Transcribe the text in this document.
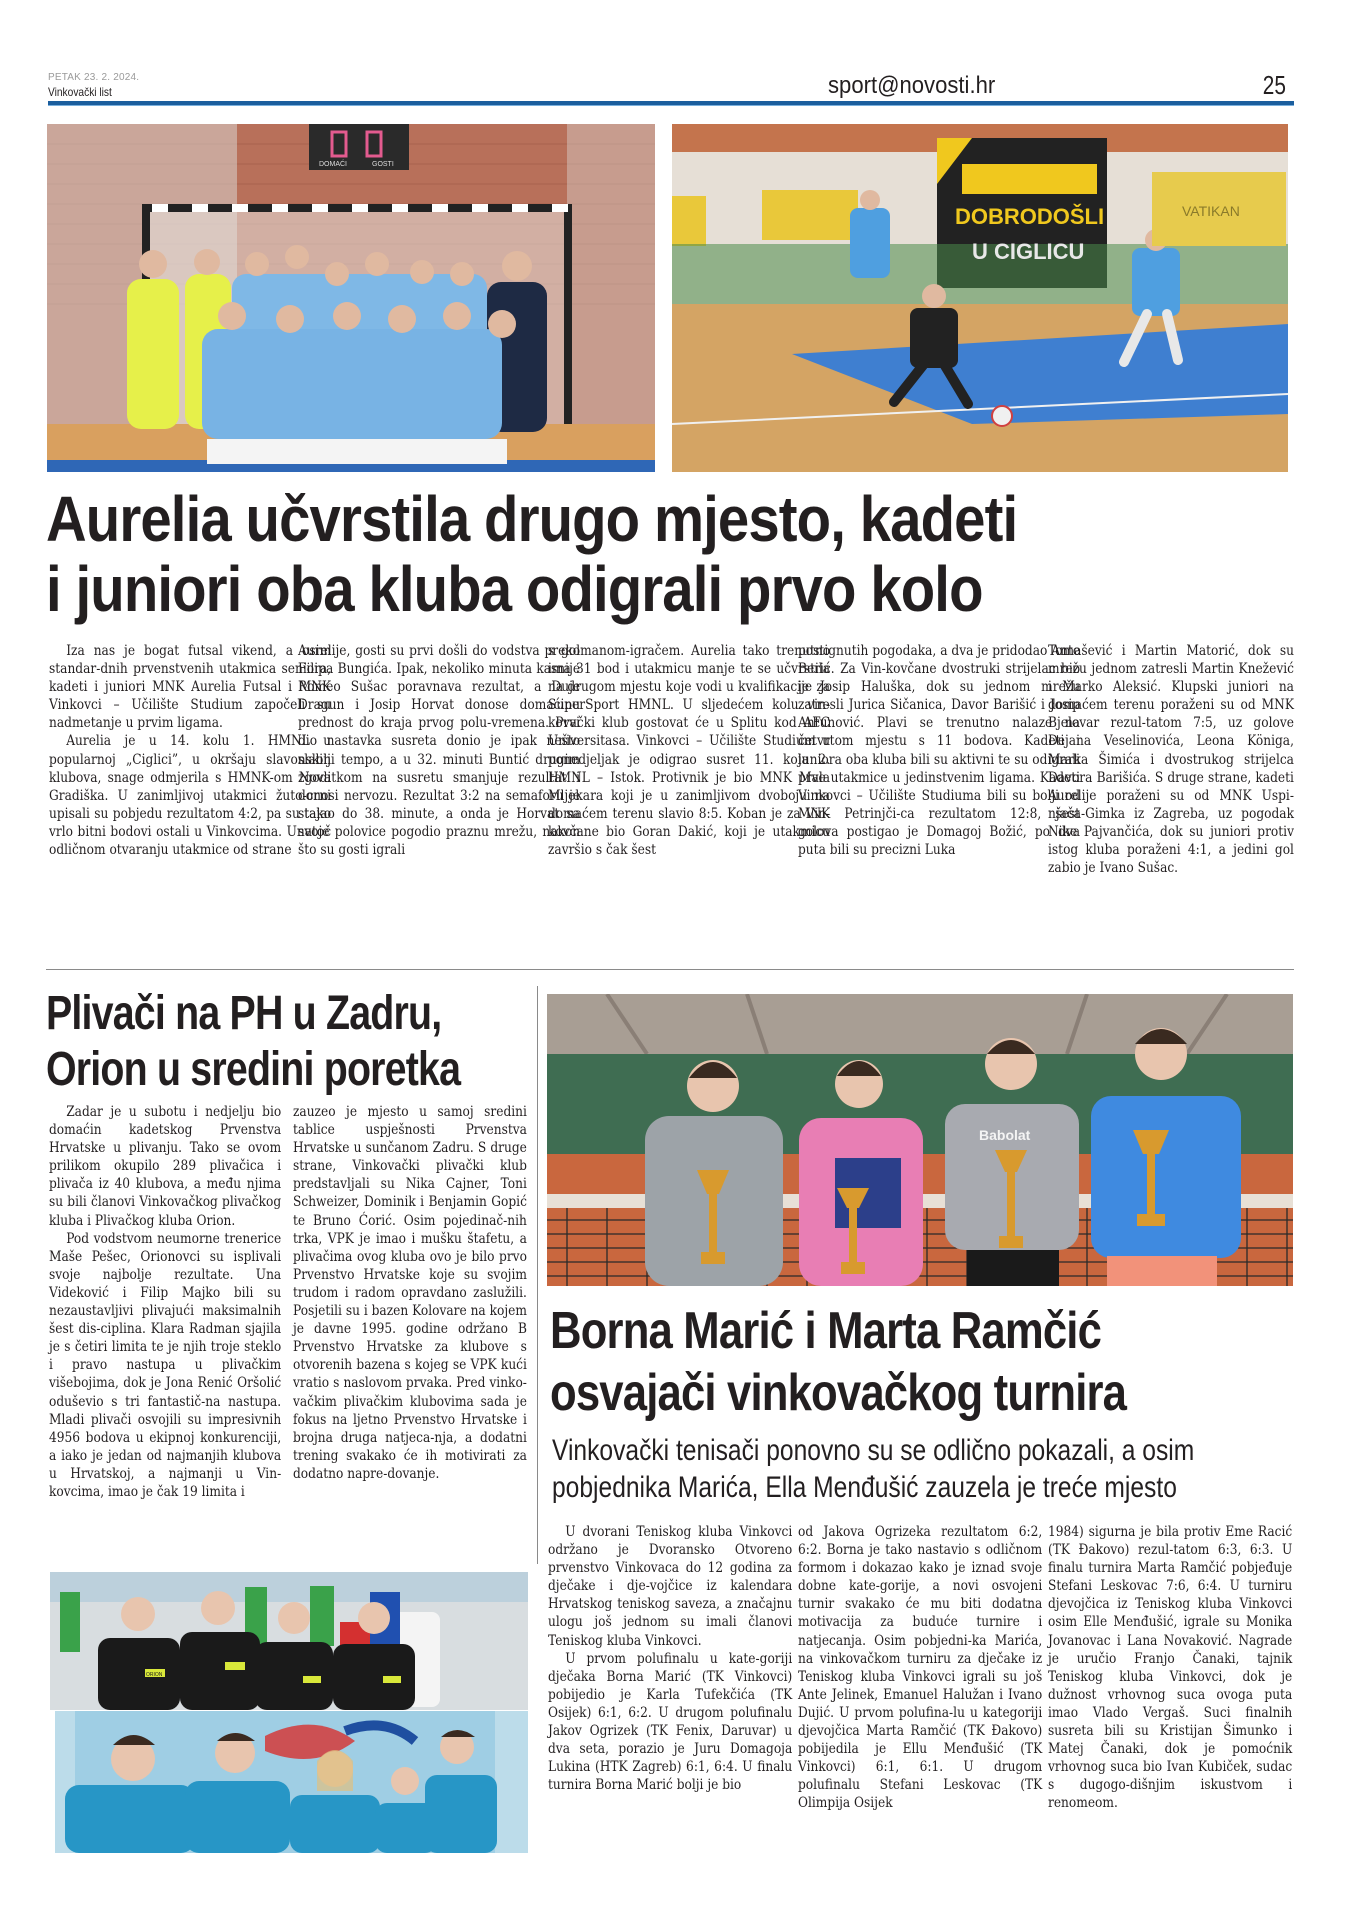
PETAK 23. 2. 2024.
Vinkovački list	sport@novosti.hr	25
DOMAĆI	GOSTI
VATIKAN
DOBRODOŠLI
U CIGLICU
Aurelia učvrstila drugo mjesto, kadeti
i juniori oba kluba odigrali prvo kolo

Iza nas je bogat futsal vikend, a osim standar-dnih prvenstvenih utakmica seniora, kadeti i juniori MNK Aurelia Futsal i MNK Vinkovci – Učilište Studium započeli su nadmetanje u prvim ligama.

Aurelia je u 14. kolu 1. HMNL u popularnoj „Ciglici”, u okršaju slavonskih klubova, snage odmjerila s HMNK-om Nova Gradiška. U zanimljivoj utakmici žuto-crni upisali su pobjedu rezultatom 4:2, pa su tako vrlo bitni bodovi ostali u Vinkovcima. Unatoč odličnom otvaranju utakmice od strane

Aurelije, gosti su prvi došli do vodstva preko Filipa Bungića. Ipak, nekoliko minuta kasnije Romeo Sušac poravnava rezultat, a Duje Dragun i Josip Horvat donose domaćinu prednost do kraja prvog polu-vremena. Prvi dio nastavka susreta donio je ipak nešto slabiji tempo, a u 32. minuti Buntić drugim zgoditkom na susretu smanjuje rezultat i donosi nervozu. Rezultat 3:2 na semaforu je stajao do 38. minute, a onda je Horvat sa svoje polovice pogodio praznu mrežu, nakon što su gosti igrali

s golmanom-igračem. Aurelia tako trenutno ima 31 bod i utakmicu manje te se učvrstila na drugom mjestu koje vodi u kvalifikacije za SuperSport HMNL. U sljedećem kolu vin-kovački klub gostovat će u Splitu kod AFC Universitasa. Vinkovci – Učilište Studium u ponedjeljak je odigrao susret 11. kola 2. HMNL – Istok. Protivnik je bio MNK Mala Mljekara koji je u zanimljivom dvoboju na domaćem terenu slavio 8:5. Koban je za Vin-kovčane bio Goran Dakić, koji je utakmicu završio s čak šest

postignutih pogodaka, a dva je pridodao Ante Berić. Za Vin-kovčane dvostruki strijelac bio je Josip Haluška, dok su jednom mrežu zatresli Jurica Sičanica, Davor Barišić i Josip Antunović. Plavi se trenutno nalaze na četvrtom mjestu s 11 bodova. Kadeti i juniora oba kluba bili su aktivni te su odigrali prve utakmice u jedinstvenim ligama. Kadeti Vinkovci – Učilište Studiuma bili su bolji od MNK Petrinjči-ca rezultatom 12:8, šest golova postigao je Domagoj Božić, po dva puta bili su precizni Luka

Tomašević i Martin Matorić, dok su mrežu jednom zatresli Martin Knežević i Marko Aleksić. Klupski juniori na domaćem terenu poraženi su od MNK Bjelovar rezul-tatom 7:5, uz golove Dejana Veselinovića, Leona Königa, Marka Šimića i dvostrukog strijelca Davora Barišića. S druge strane, kadeti Aurelije poraženi su od MNK Uspi-njača-Gimka iz Zagreba, uz pogodak Nike Pajvančića, dok su juniori protiv istog kluba poraženi 4:1, a jedini gol zabio je Ivano Sušac.

Plivači na PH u Zadru,
Orion u sredini poretka

Zadar je u subotu i nedjelju bio domaćin kadetskog Prvenstva Hrvatske u plivanju. Tako se ovom prilikom okupilo 289 plivačica i plivača iz 40 klubova, a među njima su bili članovi Vinkovačkog plivačkog kluba i Plivačkog kluba Orion.

Pod vodstvom neumorne trenerice Maše Pešec, Orionovci su isplivali svoje najbolje rezultate. Una Videković i Filip Majko bili su nezaustavljivi plivajući maksimalnih šest dis-ciplina. Klara Radman sjajila je s četiri limita te je njih troje steklo i pravo nastupa u plivačkim višebojima, dok je Jona Renić Oršolić oduševio s tri fantastič-na nastupa. Mladi plivači osvojili su impresivnih 4956 bodova u ekipnoj konkurenciji, a iako je jedan od najmanjih klubova u Hrvatskoj, a najmanji u Vin-kovcima, imao je čak 19 limita i

zauzeo je mjesto u samoj sredini tablice uspješnosti Prvenstva Hrvatske u sunčanom Zadru. S druge strane, Vinkovački plivački klub predstavljali su Nika Cajner, Toni Schweizer, Dominik i Benjamin Gopić te Bruno Ćorić. Osim pojedinač-nih trka, VPK je imao i mušku štafetu, a plivačima ovog kluba ovo je bilo prvo Prvenstvo Hrvatske koje su svojim trudom i radom opravdano zaslužili. Posjetili su i bazen Kolovare na kojem je davne 1995. godine održano B Prvenstvo Hrvatske za klubove s otvorenih bazena s kojeg se VPK kući vratio s naslovom prvaka. Pred vinko-vačkim plivačkim klubovima sada je fokus na ljetno Prvenstvo Hrvatske i brojna druga natjeca-nja, a dodatni trening svakako će ih motivirati za dodatno napre-dovanje.

ORION
Babolat
Borna Marić i Marta Ramčić
osvajači vinkovačkog turnira
Vinkovački tenisači ponovno su se odlično pokazali, a osim
pobjednika Marića, Ella Menđušić zauzela je treće mjesto

U dvorani Teniskog kluba Vinkovci održano je Dvoransko Otvoreno prvenstvo Vinkovaca do 12 godina za dječake i dje-vojčice iz kalendara Hrvatskog teniskog saveza, a značajnu ulogu još jednom su imali članovi Teniskog kluba Vinkovci.

U prvom polufinalu u kate-goriji dječaka Borna Marić (TK Vinkovci) pobijedio je Karla Tufekčića (TK Osijek) 6:1, 6:2. U drugom polufinalu Jakov Ogrizek (TK Fenix, Daruvar) u dva seta, porazio je Juru Domagoja Lukina (HTK Zagreb) 6:1, 6:4. U finalu turnira Borna Marić bolji je bio

od Jakova Ogrizeka rezultatom 6:2, 6:2. Borna je tako nastavio s odličnom formom i dokazao kako je iznad svoje dobne kate-gorije, a novi osvojeni turnir svakako će mu biti dodatna motivacija za buduće turnire i natjecanja. Osim pobjedni-ka Marića, na vinkovačkom turniru za dječake iz Teniskog kluba Vinkovci igrali su još Ante Jelinek, Emanuel Halužan i Ivano Dujić. U prvom polufina-lu u kategoriji djevojčica Marta Ramčić (TK Đakovo) pobijedila je Ellu Menđušić (TK Vinkovci) 6:1, 6:1. U drugom polufinalu Stefani Leskovac (TK Olimpija Osijek

1984) sigurna je bila protiv Eme Racić (TK Đakovo) rezul-tatom 6:3, 6:3. U finalu turnira Marta Ramčić pobjeđuje Stefani Leskovac 7:6, 6:4. U turniru djevojčica iz Teniskog kluba Vinkovci osim Elle Menđušić, igrale su Monika Jovanovac i Lana Novaković. Nagrade je uručio Franjo Čanaki, tajnik Teniskog kluba Vinkovci, dok je dužnost vrhovnog suca ovoga puta imao Vlado Vergaš. Suci finalnih susreta bili su Kristijan Šimunko i Matej Čanaki, dok je pomoćnik vrhovnog suca bio Ivan Kubiček, sudac s dugogo-dišnjim iskustvom i renomeom.
